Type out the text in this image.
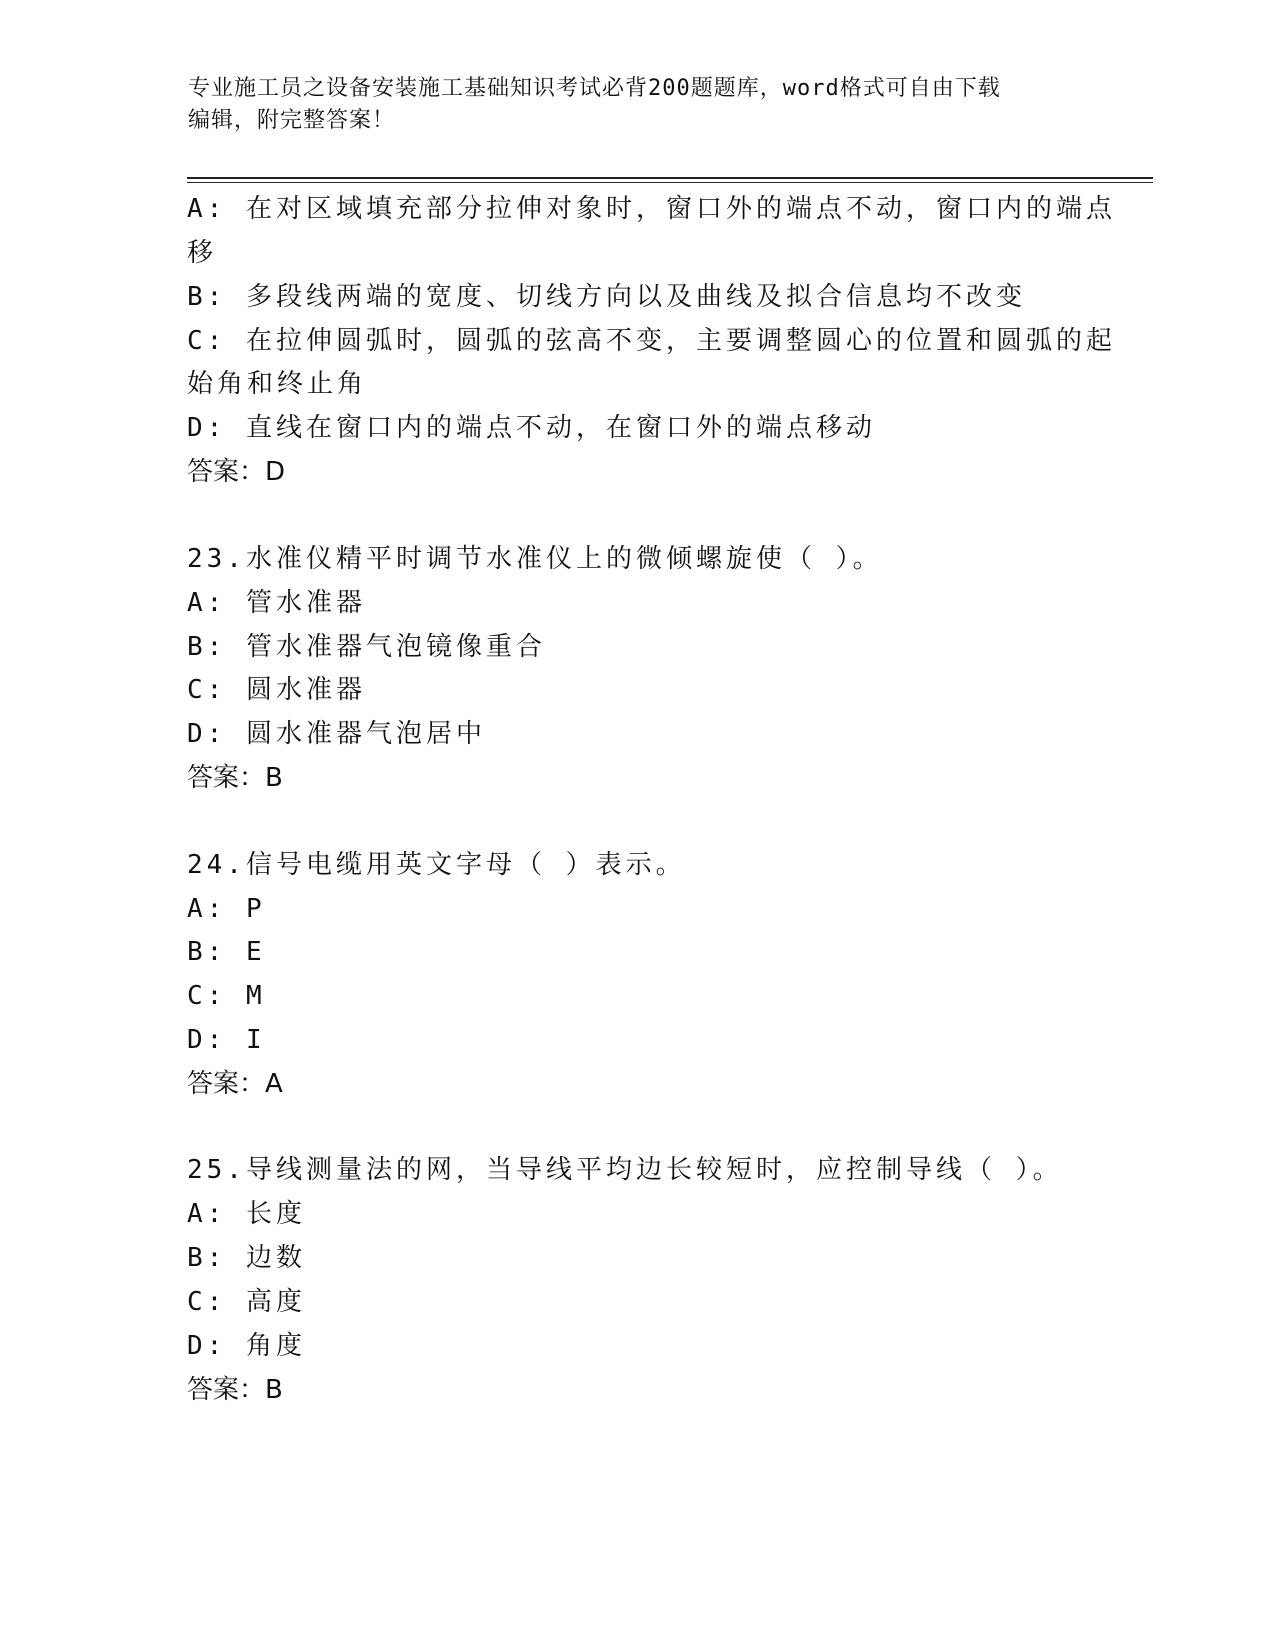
专业施工员之设备安装施工基础知识考试必背200题题库，word格式可自由下载
编辑，附完整答案！
A: 在对区域填充部分拉伸对象时，窗口外的端点不动，窗口内的端点
移
B: 多段线两端的宽度、切线方向以及曲线及拟合信息均不改变
C: 在拉伸圆弧时，圆弧的弦高不变，主要调整圆心的位置和圆弧的起
始角和终止角
D: 直线在窗口内的端点不动，在窗口外的端点移动
答案：D
23.水准仪精平时调节水准仪上的微倾螺旋使（ ）。
A: 管水准器
B: 管水准器气泡镜像重合
C: 圆水准器
D: 圆水准器气泡居中
答案：B
24.信号电缆用英文字母（ ）表示。
A: P
B: E
C: M
D: I
答案：A
25.导线测量法的网，当导线平均边长较短时，应控制导线（ ）。
A: 长度
B: 边数
C: 高度
D: 角度
答案：B
